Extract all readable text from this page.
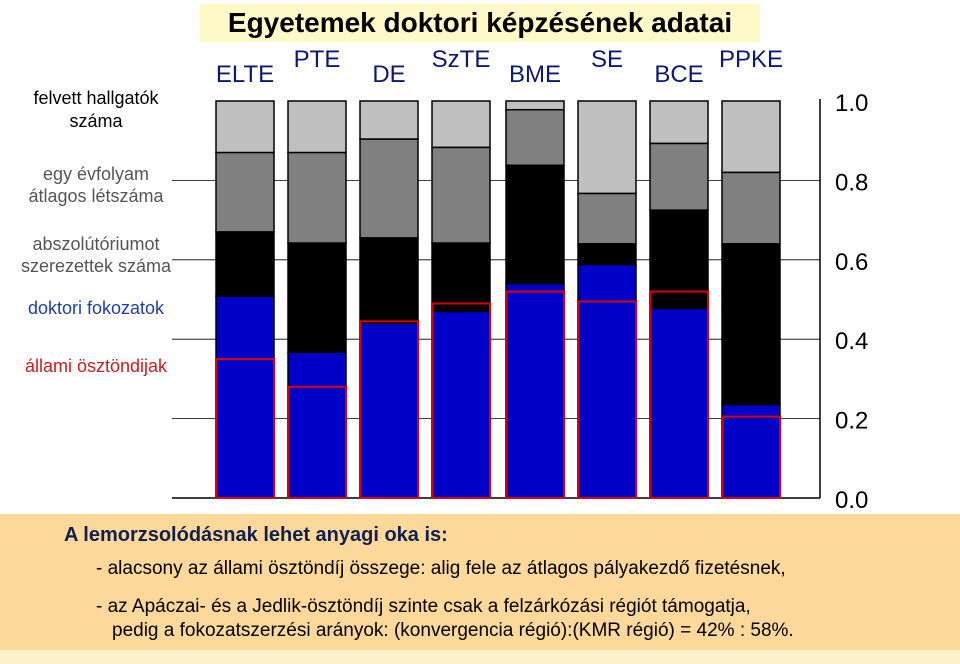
0.0
0.2
0.4
0.6
0.8
1.0
ELTE
PTE
DE
SzTE
BME
SE
BCE
PPKE
felvett hallgatók
száma
egy évfolyam
átlagos létszáma
abszolútóriumot
szerezettek száma
doktori fokozatok
állami ösztöndijak
Egyetemek doktori képzésének adatai
A lemorzsolódásnak lehet anyagi oka is:
- alacsony az állami ösztöndíj összege: alig fele az átlagos pályakezdő fizetésnek,
- az Apáczai- és a Jedlik-ösztöndíj szinte csak a felzárkózási régiót támogatja,
pedig a fokozatszerzési arányok: (konvergencia régió):(KMR régió) = 42% : 58%.
